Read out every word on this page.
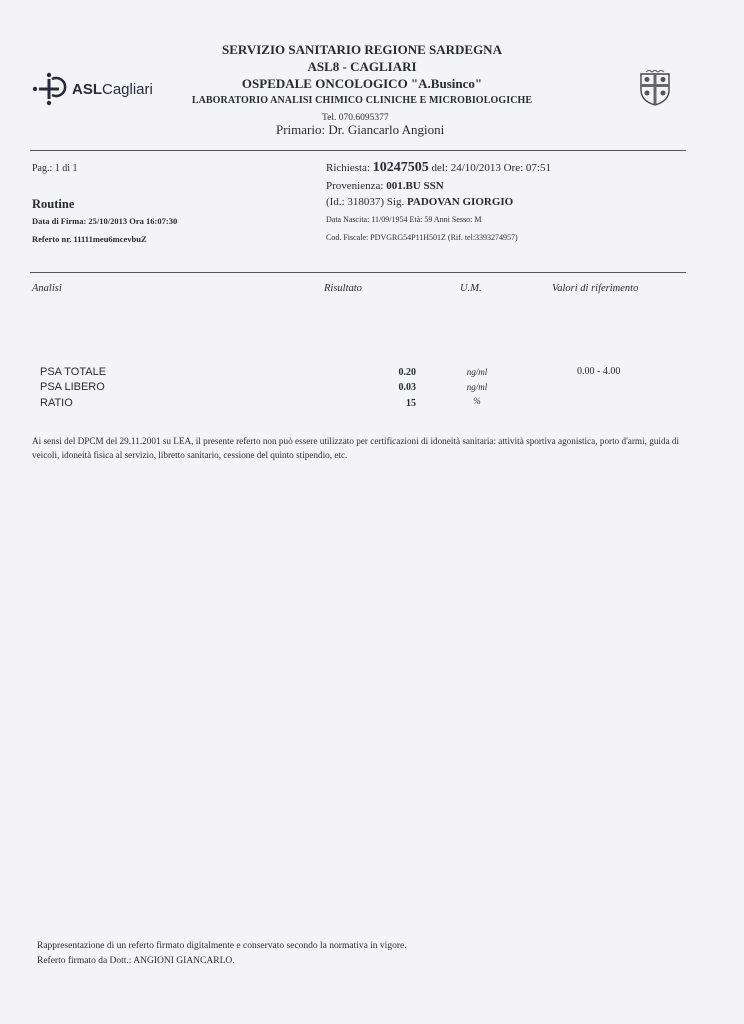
ASLCagliari
SERVIZIO SANITARIO REGIONE SARDEGNA
ASL8 - CAGLIARI
OSPEDALE ONCOLOGICO "A.Businco"
LABORATORIO ANALISI CHIMICO CLINICHE E MICROBIOLOGICHE
Tel. 070.6095377
Primario: Dr. Giancarlo Angioni
Pag.: 1 di 1
Routine
Data di Firma: 25/10/2013 Ora 16:07:30
Referto nr. 11111meu6mcevbuZ
Richiesta: 10247505 del: 24/10/2013 Ore: 07:51
Provenienza: 001.BU SSN
(Id.: 318037) Sig. PADOVAN GIORGIO
Data Nascita: 11/09/1954 Età: 59 Anni Sesso: M
Cod. Fiscale: PDVGRG54P11H501Z (Rif. tel:3393274957)
Analisi	Risultato	U.M.	Valori di riferimento
PSA TOTALE	0.20	ng/ml	0.00 - 4.00
PSA LIBERO	0.03	ng/ml
RATIO	15	%
Ai sensi del DPCM del 29.11.2001 su LEA, il presente referto non può essere utilizzato per certificazioni di idoneità sanitaria: attività sportiva agonistica, porto d'armi, guida di veicoli, idoneità fisica al servizio, libretto sanitario, cessione del quinto stipendio, etc.
Rappresentazione di un referto firmato digitalmente e conservato secondo la normativa in vigore.
Referto firmato da Dott.: ANGIONI GIANCARLO.
